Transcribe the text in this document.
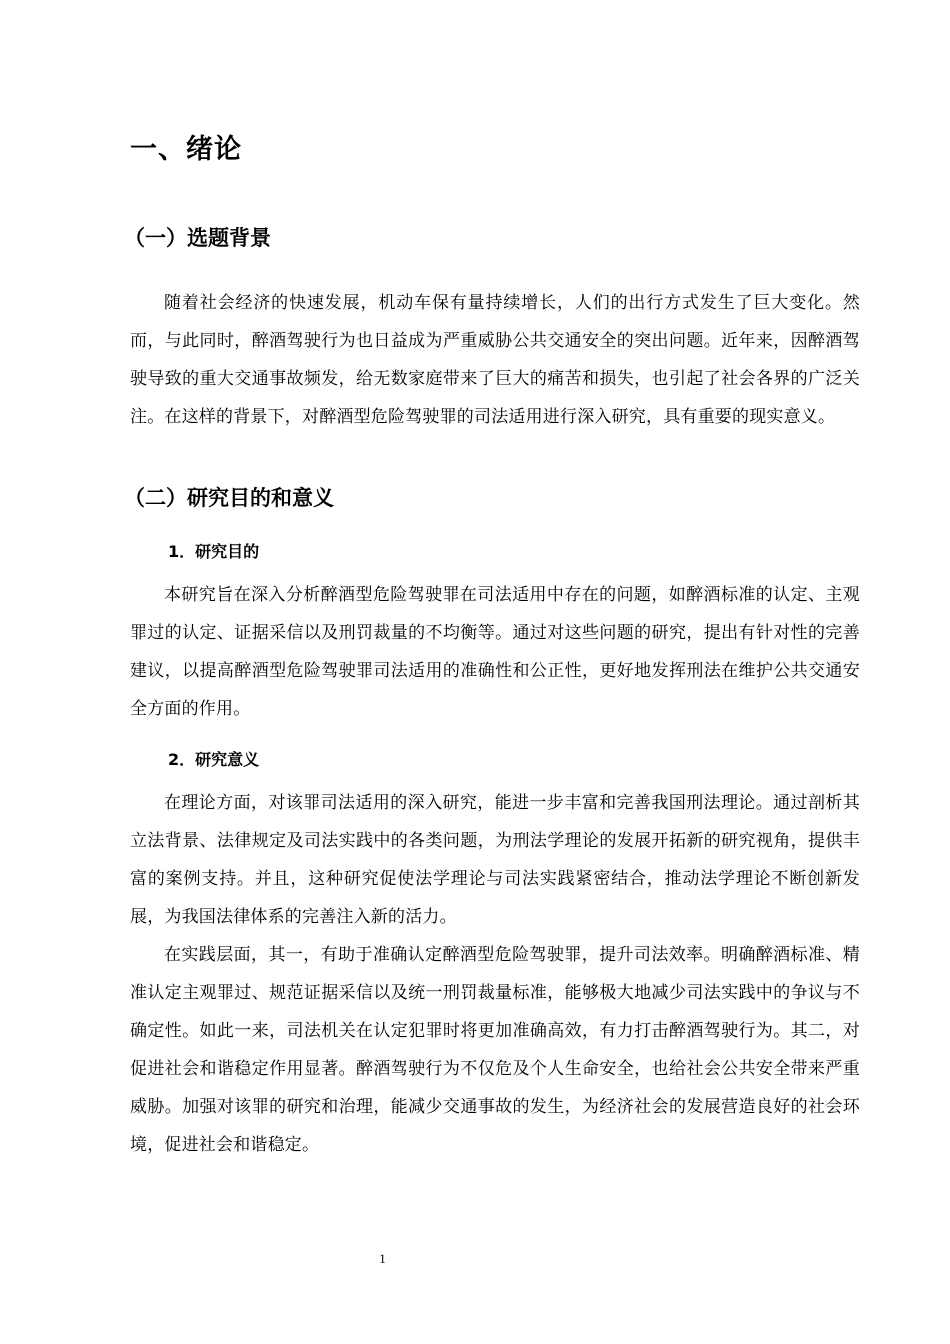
一、绪论
（一）选题背景

随着社会经济的快速发展，机动车保有量持续增长，人们的出行方式发生了巨大变化。然而，与此同时，醉酒驾驶行为也日益成为严重威胁公共交通安全的突出问题。近年来，因醉酒驾驶导致的重大交通事故频发，给无数家庭带来了巨大的痛苦和损失，也引起了社会各界的广泛关注。在这样的背景下，对醉酒型危险驾驶罪的司法适用进行深入研究，具有重要的现实意义。

（二）研究目的和意义
1．研究目的

本研究旨在深入分析醉酒型危险驾驶罪在司法适用中存在的问题，如醉酒标准的认定、主观罪过的认定、证据采信以及刑罚裁量的不均衡等。通过对这些问题的研究，提出有针对性的完善建议，以提高醉酒型危险驾驶罪司法适用的准确性和公正性，更好地发挥刑法在维护公共交通安全方面的作用。

2．研究意义

在理论方面，对该罪司法适用的深入研究，能进一步丰富和完善我国刑法理论。通过剖析其立法背景、法律规定及司法实践中的各类问题，为刑法学理论的发展开拓新的研究视角，提供丰富的案例支持。并且，这种研究促使法学理论与司法实践紧密结合，推动法学理论不断创新发展，为我国法律体系的完善注入新的活力。

在实践层面，其一，有助于准确认定醉酒型危险驾驶罪，提升司法效率。明确醉酒标准、精准认定主观罪过、规范证据采信以及统一刑罚裁量标准，能够极大地减少司法实践中的争议与不确定性。如此一来，司法机关在认定犯罪时将更加准确高效，有力打击醉酒驾驶行为。其二，对促进社会和谐稳定作用显著。醉酒驾驶行为不仅危及个人生命安全，也给社会公共安全带来严重威胁。加强对该罪的研究和治理，能减少交通事故的发生，为经济社会的发展营造良好的社会环境，促进社会和谐稳定。

1
